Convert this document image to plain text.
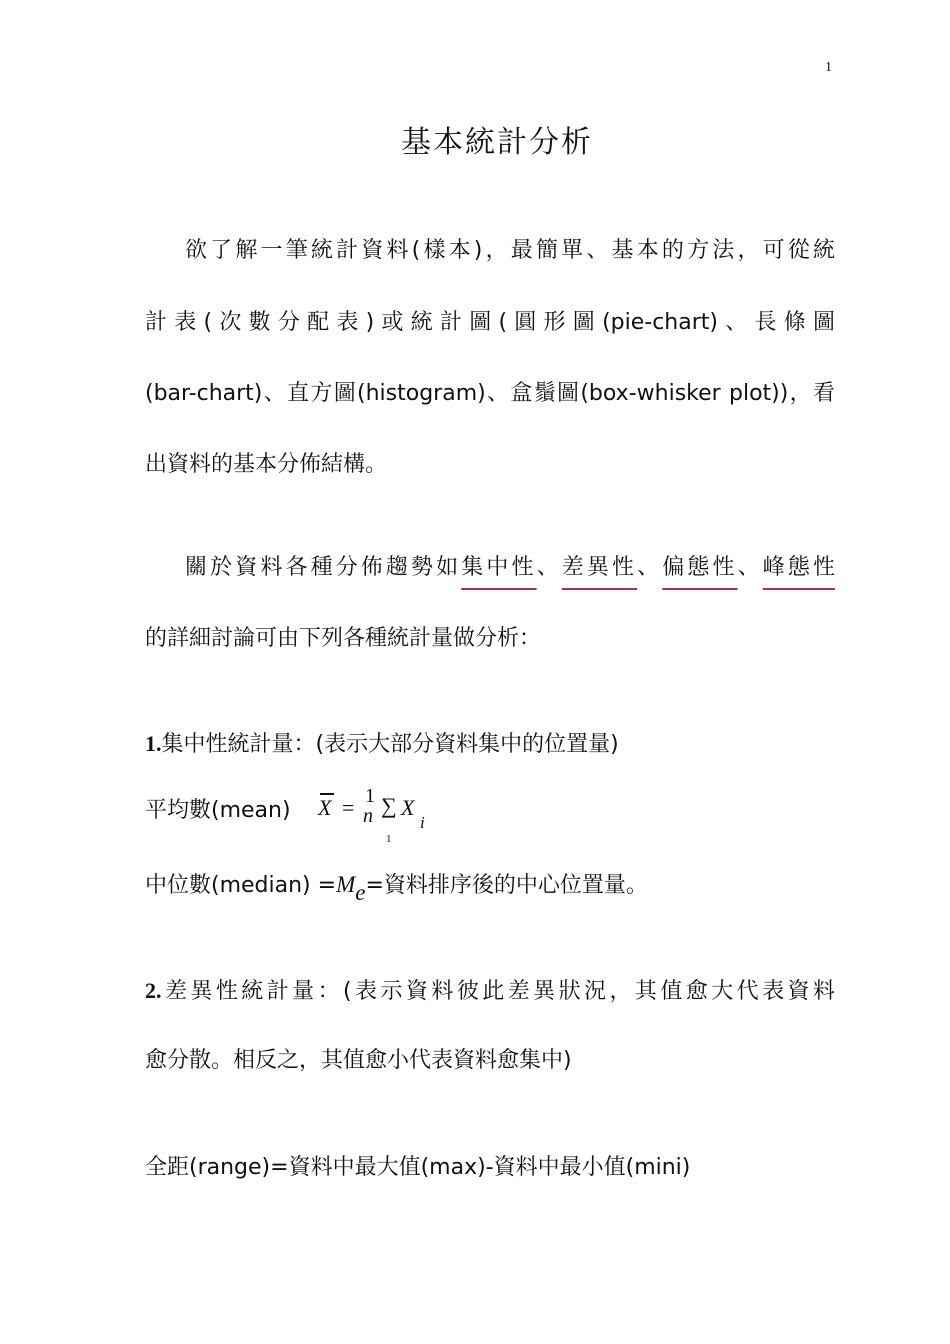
1
基本統計分析
欲了解一筆統計資料(樣本)，最簡單、基本的方法，可從統
計表(次數分配表)或統計圖(圓形圖(pie-chart)、長條圖
(bar-chart)、直方圖(histogram)、盒鬚圖(box-whisker plot))，看
出資料的基本分佈結構。
關於資料各種分佈趨勢如集中性、差異性、偏態性、峰態性
的詳細討論可由下列各種統計量做分析：
1.集中性統計量：(表示大部分資料集中的位置量)
平均數(mean)	X = 1
n ∑ X
i
1
中位數(median) =Me=資料排序後的中心位置量。
2.差異性統計量：(表示資料彼此差異狀況，其值愈大代表資料
愈分散。相反之，其值愈小代表資料愈集中)
全距(range)=資料中最大值(max)-資料中最小值(mini)
